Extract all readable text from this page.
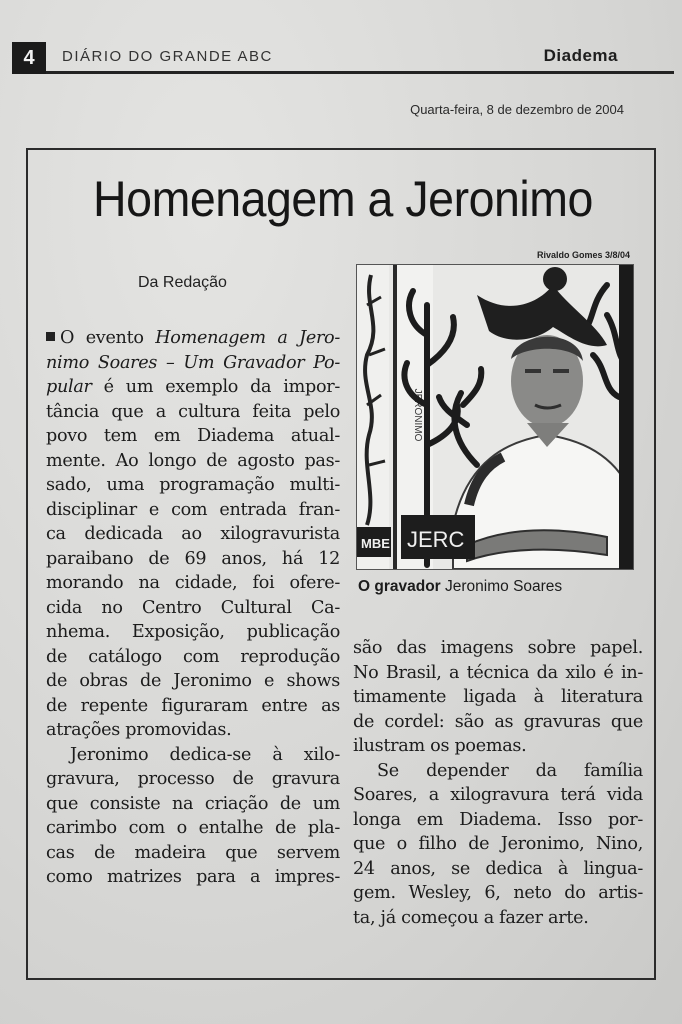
4	DIÁRIO DO GRANDE ABC	Diadema
Quarta-feira, 8 de dezembro de 2004
Homenagem a Jeronimo
Da Redação
Rivaldo Gomes 3/8/04
JERONIMO
MBE JERC
O gravador Jeronimo Soares
O evento Homenagem a Jero-
nimo Soares – Um Gravador Po-
pular é um exemplo da impor-
tância que a cultura feita pelo
povo tem em Diadema atual-
mente. Ao longo de agosto pas-
sado, uma programação multi-
disciplinar e com entrada fran-
ca dedicada ao xilogravurista
paraibano de 69 anos, há 12
morando na cidade, foi ofere-
cida no Centro Cultural Ca-
nhema. Exposição, publicação
de catálogo com reprodução
de obras de Jeronimo e shows
de repente figuraram entre as
atrações promovidas.
Jeronimo dedica-se à xilo-
gravura, processo de gravura
que consiste na criação de um
carimbo com o entalhe de pla-
cas de madeira que servem
como matrizes para a impres-
são das imagens sobre papel.
No Brasil, a técnica da xilo é in-
timamente ligada à literatura
de cordel: são as gravuras que
ilustram os poemas.
Se depender da família
Soares, a xilogravura terá vida
longa em Diadema. Isso por-
que o filho de Jeronimo, Nino,
24 anos, se dedica à lingua-
gem. Wesley, 6, neto do artis-
ta, já começou a fazer arte.
